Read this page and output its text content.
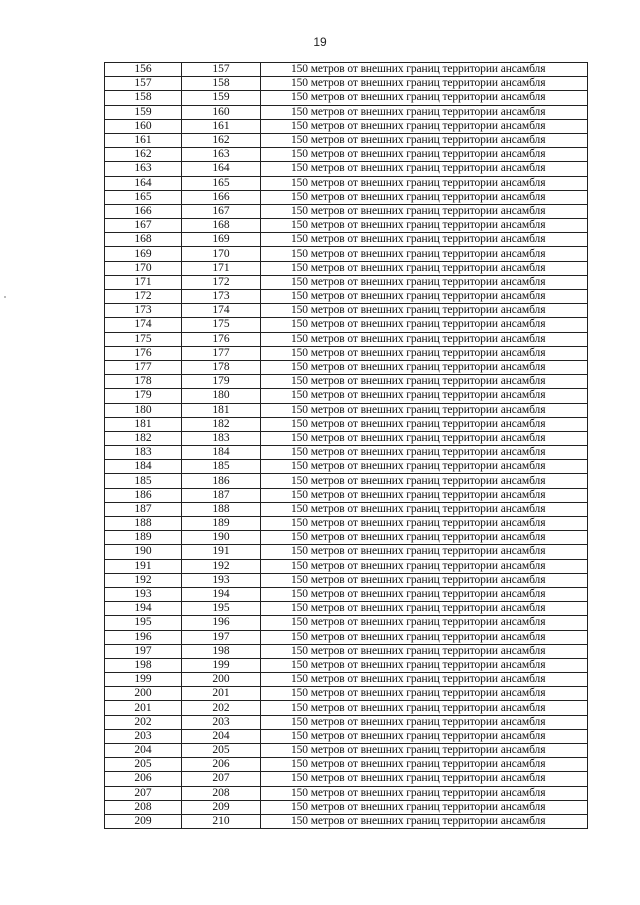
19
156	157	150 метров от внешних границ территории ансамбля
157	158	150 метров от внешних границ территории ансамбля
158	159	150 метров от внешних границ территории ансамбля
159	160	150 метров от внешних границ территории ансамбля
160	161	150 метров от внешних границ территории ансамбля
161	162	150 метров от внешних границ территории ансамбля
162	163	150 метров от внешних границ территории ансамбля
163	164	150 метров от внешних границ территории ансамбля
164	165	150 метров от внешних границ территории ансамбля
165	166	150 метров от внешних границ территории ансамбля
166	167	150 метров от внешних границ территории ансамбля
167	168	150 метров от внешних границ территории ансамбля
168	169	150 метров от внешних границ территории ансамбля
169	170	150 метров от внешних границ территории ансамбля
170	171	150 метров от внешних границ территории ансамбля
171	172	150 метров от внешних границ территории ансамбля
172	173	150 метров от внешних границ территории ансамбля
173	174	150 метров от внешних границ территории ансамбля
174	175	150 метров от внешних границ территории ансамбля
175	176	150 метров от внешних границ территории ансамбля
176	177	150 метров от внешних границ территории ансамбля
177	178	150 метров от внешних границ территории ансамбля
178	179	150 метров от внешних границ территории ансамбля
179	180	150 метров от внешних границ территории ансамбля
180	181	150 метров от внешних границ территории ансамбля
181	182	150 метров от внешних границ территории ансамбля
182	183	150 метров от внешних границ территории ансамбля
183	184	150 метров от внешних границ территории ансамбля
184	185	150 метров от внешних границ территории ансамбля
185	186	150 метров от внешних границ территории ансамбля
186	187	150 метров от внешних границ территории ансамбля
187	188	150 метров от внешних границ территории ансамбля
188	189	150 метров от внешних границ территории ансамбля
189	190	150 метров от внешних границ территории ансамбля
190	191	150 метров от внешних границ территории ансамбля
191	192	150 метров от внешних границ территории ансамбля
192	193	150 метров от внешних границ территории ансамбля
193	194	150 метров от внешних границ территории ансамбля
194	195	150 метров от внешних границ территории ансамбля
195	196	150 метров от внешних границ территории ансамбля
196	197	150 метров от внешних границ территории ансамбля
197	198	150 метров от внешних границ территории ансамбля
198	199	150 метров от внешних границ территории ансамбля
199	200	150 метров от внешних границ территории ансамбля
200	201	150 метров от внешних границ территории ансамбля
201	202	150 метров от внешних границ территории ансамбля
202	203	150 метров от внешних границ территории ансамбля
203	204	150 метров от внешних границ территории ансамбля
204	205	150 метров от внешних границ территории ансамбля
205	206	150 метров от внешних границ территории ансамбля
206	207	150 метров от внешних границ территории ансамбля
207	208	150 метров от внешних границ территории ансамбля
208	209	150 метров от внешних границ территории ансамбля
209	210	150 метров от внешних границ территории ансамбля
